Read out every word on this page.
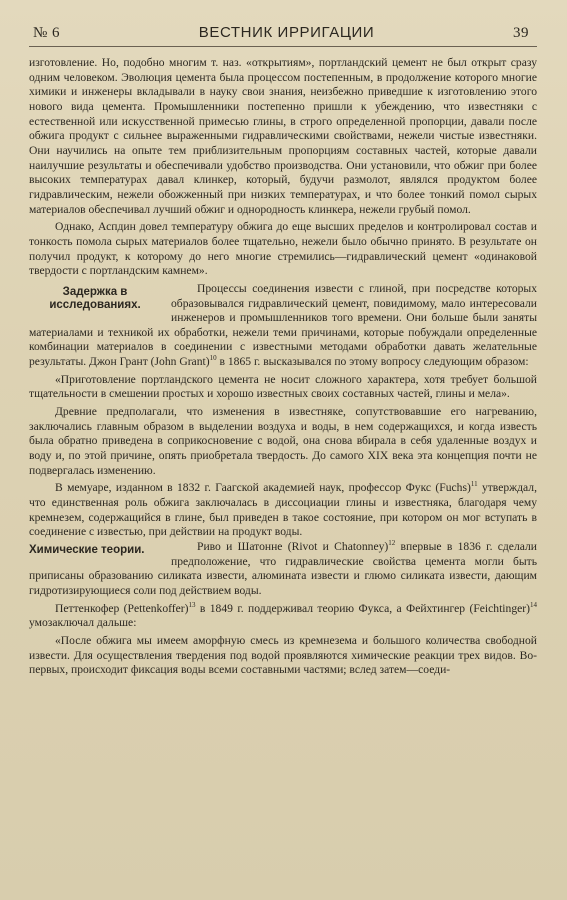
№ 6	ВЕСТНИК ИРРИГАЦИИ	39

изготовление. Но, подобно многим т. наз. «открытиям», портландский цемент не был открыт сразу одним человеком. Эволюция цемента была процессом постепенным, в продолжение которого многие химики и инженеры вкладывали в науку свои знания, неизбежно приведшие к изготовлению этого нового вида цемента. Промышленники постепенно пришли к убеждению, что известняки с естественной или искусственной примесью глины, в строго определенной пропорции, давали после обжига продукт с сильнее выраженными гидравлическими свойствами, нежели чистые известняки. Они научились на опыте тем приблизительным пропорциям составных частей, которые давали наилучшие результаты и обеспечивали удобство производства. Они установили, что обжиг при более высоких температурах давал клинкер, который, будучи размолот, являлся продуктом более гидравлическим, нежели обожженный при низких температурах, и что более тонкий помол сырых материалов обеспечивал лучший обжиг и однородность клинкера, нежели грубый помол.

Однако, Аспдин довел температуру обжига до еще высших пределов и контролировал состав и тонкость помола сырых материалов более тщательно, нежели было обычно принято. В результате он получил продукт, к которому до него многие стремились—гидравлический цемент «одинаковой твердости с портландским камнем».

Задержка в исследованиях.

Процессы соединения извести с глиной, при посредстве которых образовывался гидравлический цемент, повидимому, мало интересовали инженеров и промышленников того времени. Они больше были заняты материалами и техникой их обработки, нежели теми причинами, которые побуждали определенные комбинации материалов в соединении с известными методами обработки давать желательные результаты. Джон Грант (John Grant)$^{10}$ в 1865 г. высказывался по этому вопросу следующим образом:

«Приготовление портландского цемента не носит сложного характера, хотя требует большой тщательности в смешении простых и хорошо известных своих составных частей, глины и мела».

Древние предполагали, что изменения в известняке, сопутствовавшие его нагреванию, заключались главным образом в выделении воздуха и воды, в нем содержащихся, и когда известь была обратно приведена в соприкосновение с водой, она снова вбирала в себя удаленные воздух и воду и, по этой причине, опять приобретала твердость. До самого XIX века эта концепция почти не подвергалась изменению.

В мемуаре, изданном в 1832 г. Гаагской академией наук, профессор Фукс (Fuchs)$^{11}$ утверждал, что единственная роль обжига заключалась в диссоциации глины и известняка, благодаря чему кремнезем, содержащийся в глине, был приведен в такое состояние, при котором он мог вступать в соединение с известью, при действии на продукт воды.

Химические теории.	Риво и Шатонне (Rivot и Chatonney)$^{12}$ впервые в 1836 г. сделали предположение, что гидравлические свойства цемента могли быть приписаны образованию силиката извести, алюмината извести и глюмо силиката извести, дающим гидротизирующиеся соли под действием воды.

Петтенкофер (Pettenkoffer)$^{13}$ в 1849 г. поддерживал теорию Фукса, а Фейхтингер (Feichtinger)$^{14}$ умозаключал дальше:

«После обжига мы имеем аморфную смесь из кремнезема и большого количества свободной извести. Для осуществления твердения под водой проявляются химические реакции трех видов. Во-первых, происходит фиксация воды всеми составными частями; вслед затем—соеди-
